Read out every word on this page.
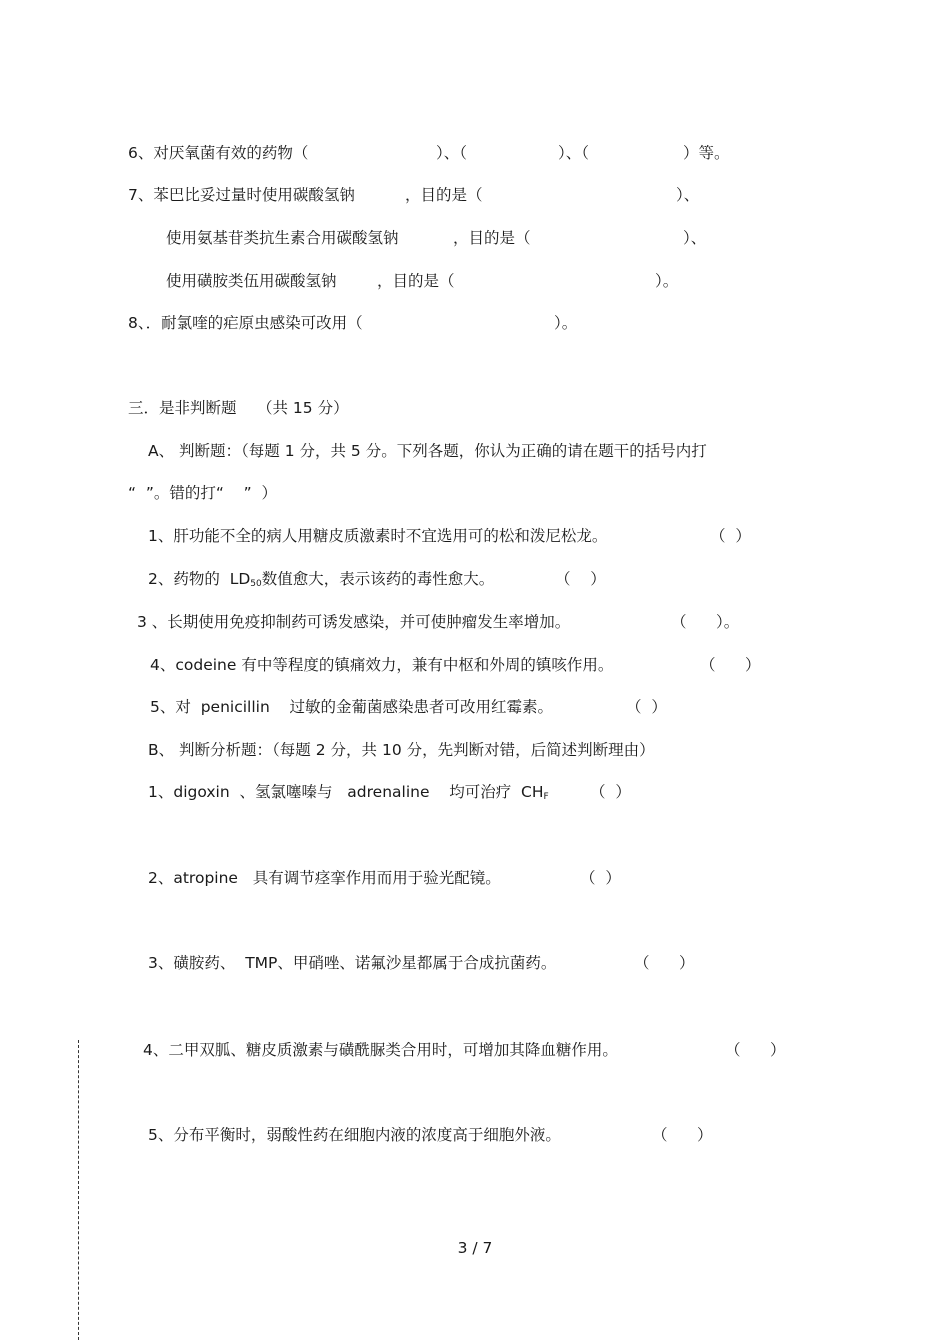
6、对厌氧菌有效的药物（	）、（	）、（	）等。
7、苯巴比妥过量时使用碳酸氢钠	，目的是（	）、
使用氨基苷类抗生素合用碳酸氢钠	，目的是（	）、
使用磺胺类伍用碳酸氢钠	，目的是（	）。
8、．耐氯喹的疟原虫感染可改用（	）。
三．是非判断题 （共 15 分）
A、 判断题：（每题 1 分，共 5 分。下列各题，你认为正确的请在题干的括号内打
“  ”。错的打“    ”  ）
1、肝功能不全的病人用糖皮质激素时不宜选用可的松和泼尼松龙。	（  ）
2、药物的  $LD_{50}$数值愈大，表示该药的毒性愈大。	（    ）
3 、长期使用免疫抑制药可诱发感染，并可使肿瘤发生率增加。	（      ）。
4、codeine 有中等程度的镇痛效力，兼有中枢和外周的镇咳作用。	（      ）
5、对  penicillin    过敏的金葡菌感染患者可改用红霉素。	（  ）
B、 判断分析题：（每题 2 分，共 10 分，先判断对错，后简述判断理由）
1、digoxin  、氢氯噻嗪与   adrenaline    均可治疗  $CH_F$	（  ）
2、atropine   具有调节痉挛作用而用于验光配镜。	（  ）
3、磺胺药、  TMP、甲硝唑、诺氟沙星都属于合成抗菌药。	（      ）
4、二甲双胍、糖皮质激素与磺酰脲类合用时，可增加其降血糖作用。	（      ）
5、分布平衡时，弱酸性药在细胞内液的浓度高于细胞外液。	（      ）
3 / 7
